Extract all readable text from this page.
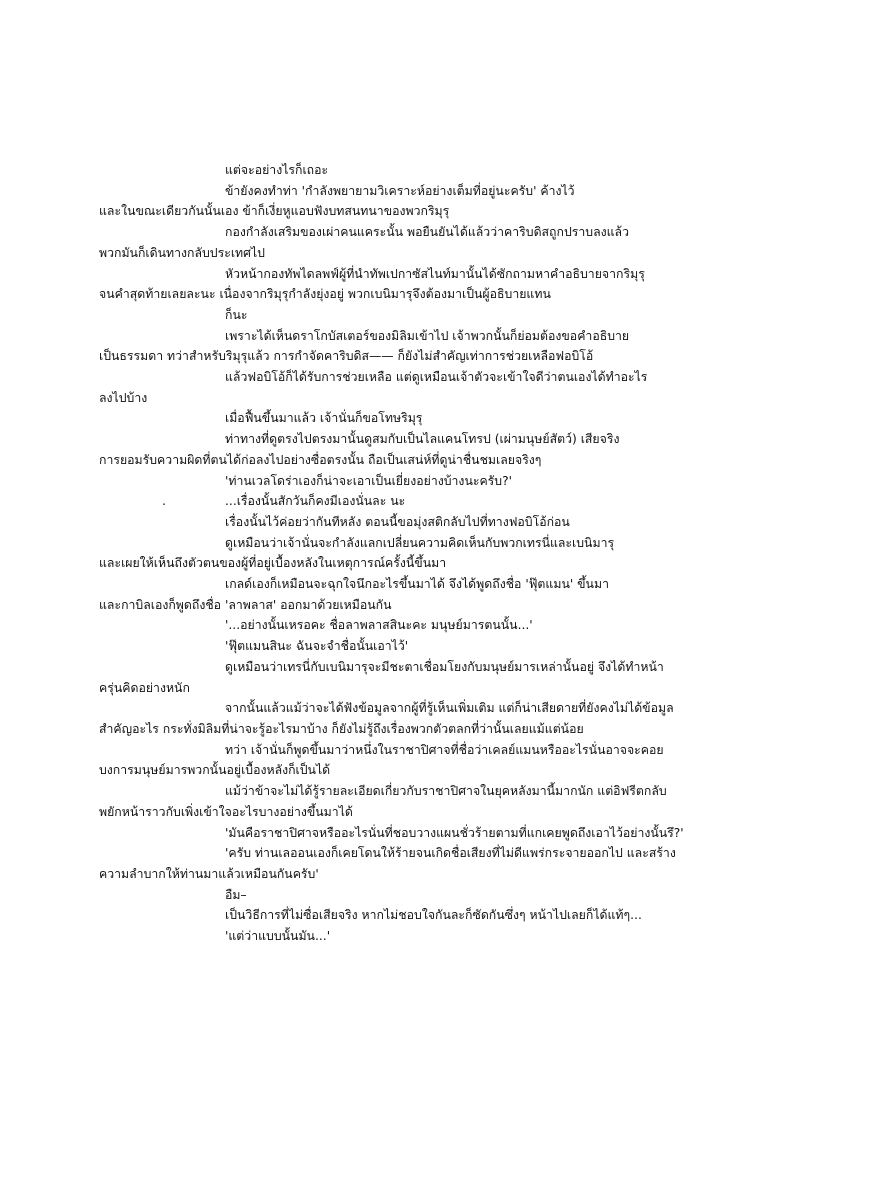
แต่จะอย่างไรก็เถอะ

ข้ายังคงทำท่า 'กำลังพยายามวิเคราะห์อย่างเต็มที่อยู่นะครับ' ค้างไว้
และในขณะเดียวกันนั้นเอง ข้าก็เงี่ยหูแอบฟังบทสนทนาของพวกริมุรุ

กองกำลังเสริมของเผ่าคนแคระนั้น พอยืนยันได้แล้วว่าคาริบดิสถูกปราบลงแล้ว
พวกมันก็เดินทางกลับประเทศไป

หัวหน้ากองทัพไดลพฟ์ผู้ที่นำทัพเปกาซัสไนท์มานั้นได้ซักถามหาคำอธิบายจากริมุรุ
จนคำสุดท้ายเลยละนะ เนื่องจากริมุรุกำลังยุ่งอยู่ พวกเบนิมารุจึงต้องมาเป็นผู้อธิบายแทน

ก็นะ

เพราะได้เห็นดราโกบัสเตอร์ของมิลิมเข้าไป เจ้าพวกนั้นก็ย่อมต้องขอคำอธิบาย
เป็นธรรมดา ทว่าสำหรับริมุรุแล้ว การกำจัดคาริบดิส—— ก็ยังไม่สำคัญเท่าการช่วยเหลือฟอบิโอ้

แล้วฟอบิโอ้ก็ได้รับการช่วยเหลือ แต่ดูเหมือนเจ้าตัวจะเข้าใจดีว่าตนเองได้ทำอะไร
ลงไปบ้าง

เมื่อฟื้นขึ้นมาแล้ว เจ้านั่นก็ขอโทษริมุรุ

ท่าทางที่ดูตรงไปตรงมานั้นดูสมกับเป็นไลแคนโทรป (เผ่ามนุษย์สัตว์) เสียจริง
การยอมรับความผิดที่ตนได้ก่อลงไปอย่างซื่อตรงนั้น ถือเป็นเสน่ห์ที่ดูน่าชื่นชมเลยจริงๆ

'ท่านเวลโดร่าเองก็น่าจะเอาเป็นเยี่ยงอย่างบ้างนะครับ?'

.	...เรื่องนั้นสักวันก็คงมีเองนั่นละ นะ

เรื่องนั้นไว้ค่อยว่ากันทีหลัง ตอนนี้ขอมุ่งสติกลับไปที่ทางฟอบิโอ้ก่อน

ดูเหมือนว่าเจ้านั่นจะกำลังแลกเปลี่ยนความคิดเห็นกับพวกเทรนี่และเบนิมารุ
และเผยให้เห็นถึงตัวตนของผู้ที่อยู่เบื้องหลังในเหตุการณ์ครั้งนี้ขึ้นมา

เกลด์เองก็เหมือนจะฉุกใจนึกอะไรขึ้นมาได้ จึงได้พูดถึงชื่อ 'ฟุ๊ตแมน' ขึ้นมา
และกาบิลเองก็พูดถึงชื่อ 'ลาพลาส' ออกมาด้วยเหมือนกัน

'...อย่างนั้นเหรอคะ ชื่อลาพลาสสินะคะ มนุษย์มารตนนั้น...'

'ฟุ๊ตแมนสินะ ฉันจะจำชื่อนั้นเอาไว้'

ดูเหมือนว่าเทรนี่กับเบนิมารุจะมีชะตาเชื่อมโยงกับมนุษย์มารเหล่านั้นอยู่ จึงได้ทำหน้า
ครุ่นคิดอย่างหนัก

จากนั้นแล้วแม้ว่าจะได้ฟังข้อมูลจากผู้ที่รู้เห็นเพิ่มเติม แต่ก็น่าเสียดายที่ยังคงไม่ได้ข้อมูล
สำคัญอะไร กระทั่งมิลิมที่น่าจะรู้อะไรมาบ้าง ก็ยังไม่รู้ถึงเรื่องพวกตัวตลกที่ว่านั้นเลยแม้แต่น้อย

ทว่า เจ้านั่นก็พูดขึ้นมาว่าหนึ่งในราชาปิศาจที่ชื่อว่าเคลย์แมนหรืออะไรนั่นอาจจะคอย
บงการมนุษย์มารพวกนั้นอยู่เบื้องหลังก็เป็นได้

แม้ว่าข้าจะไม่ได้รู้รายละเอียดเกี่ยวกับราชาปิศาจในยุคหลังมานี้มากนัก แต่อิฟรีตกลับ
พยักหน้าราวกับเพิ่งเข้าใจอะไรบางอย่างขึ้นมาได้

'มันคือราชาปิศาจหรืออะไรนั่นที่ชอบวางแผนชั่วร้ายตามที่แกเคยพูดถึงเอาไว้อย่างนั้นรึ?'

'ครับ ท่านเลออนเองก็เคยโดนให้ร้ายจนเกิดชื่อเสียงที่ไม่ดีแพร่กระจายออกไป และสร้าง
ความลำบากให้ท่านมาแล้วเหมือนกันครับ'

อืม–

เป็นวิธีการที่ไม่ซื่อเสียจริง หากไม่ชอบใจกันละก็ซัดกันซึ่งๆ หน้าไปเลยก็ได้แท้ๆ...

'แต่ว่าแบบนั้นมัน...'
